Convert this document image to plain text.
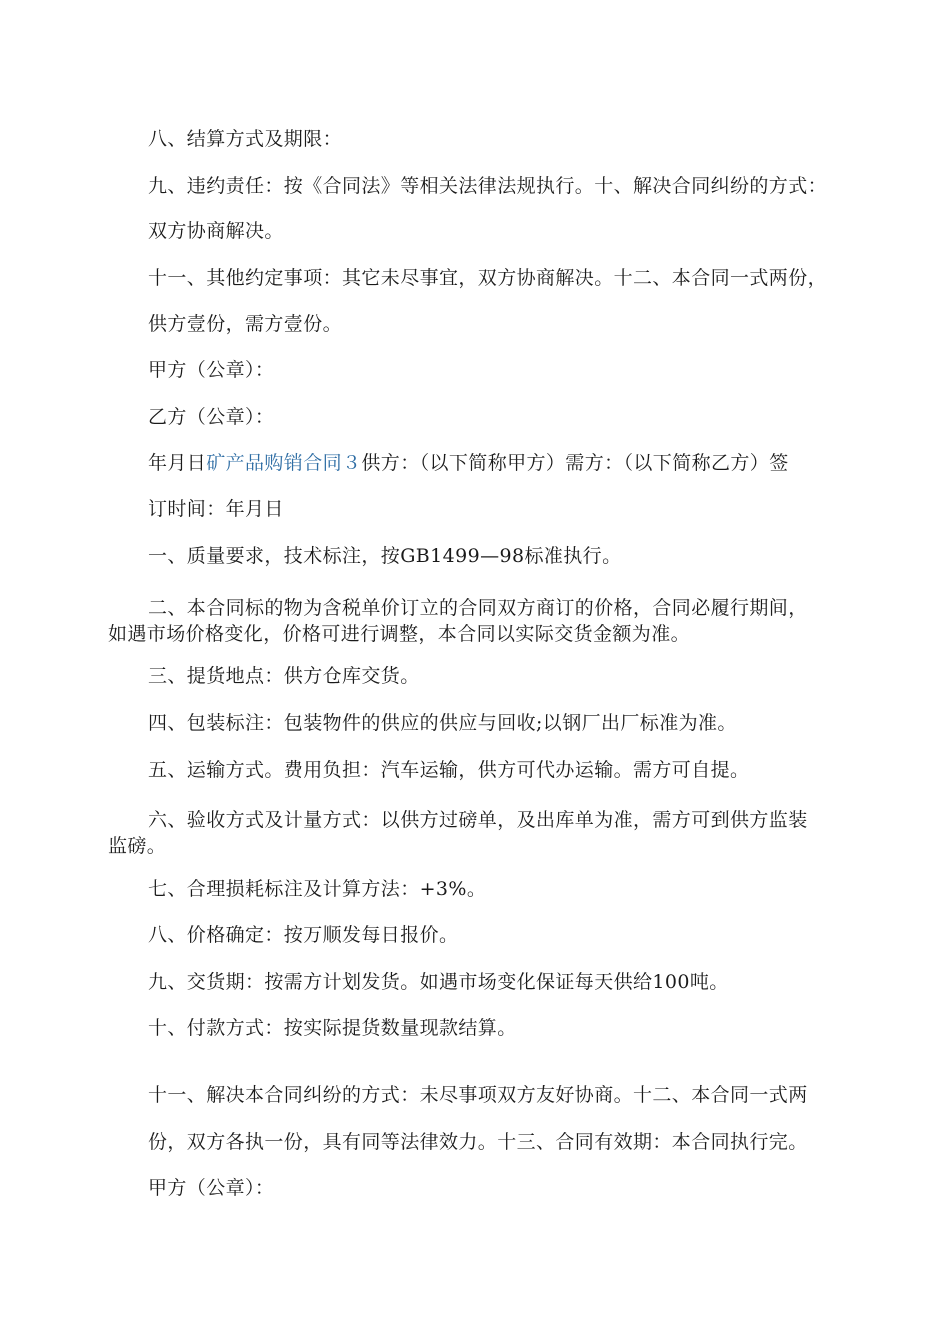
八、结算方式及期限：
九、违约责任：按《合同法》等相关法律法规执行。十、解决合同纠纷的方式：
双方协商解决。
十一、其他约定事项：其它未尽事宜，双方协商解决。十二、本合同一式两份，
供方壹份，需方壹份。
甲方（公章）：
乙方（公章）：
年月日矿产品购销合同３供方：（以下简称甲方）需方：（以下简称乙方）签
订时间：年月日
一、质量要求，技术标注，按GB1499—98标准执行。
二、本合同标的物为含税单价订立的合同双方商订的价格，合同必履行期间，
如遇市场价格变化，价格可进行调整，本合同以实际交货金额为准。
三、提货地点：供方仓库交货。
四、包装标注：包装物件的供应的供应与回收;以钢厂出厂标准为准。
五、运输方式。费用负担：汽车运输，供方可代办运输。需方可自提。
六、验收方式及计量方式：以供方过磅单，及出库单为准，需方可到供方监装
监磅。
七、合理损耗标注及计算方法：+3%。
八、价格确定：按万顺发每日报价。
九、交货期：按需方计划发货。如遇市场变化保证每天供给100吨。
十、付款方式：按实际提货数量现款结算。
十一、解决本合同纠纷的方式：未尽事项双方友好协商。十二、本合同一式两
份，双方各执一份，具有同等法律效力。十三、合同有效期：本合同执行完。
甲方（公章）：
